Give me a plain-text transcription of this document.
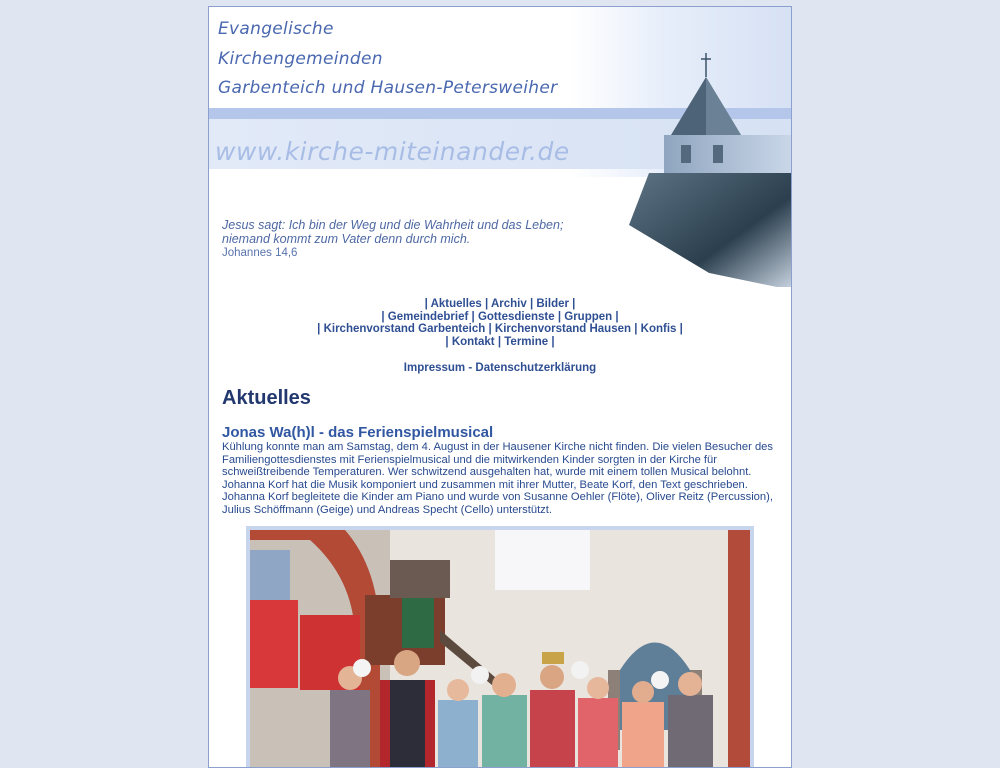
Evangelische

Kirchengemeinden

Garbenteich und Hausen-Petersweiher

www.kirche-miteinander.de

Jesus sagt: Ich bin der Weg und die Wahrheit und das Leben;
niemand kommt zum Vater denn durch mich.
Johannes 14,6
| Aktuelles | Archiv | Bilder |
| Gemeindebrief | Gottesdienste | Gruppen |
| Kirchenvorstand Garbenteich | Kirchenvorstand Hausen | Konfis |
| Kontakt | Termine |
Impressum - Datenschutzerklärung
Aktuelles
Jonas Wa(h)l - das Ferienspielmusical

Kühlung konnte man am Samstag, dem 4. August in der Hausener Kirche nicht finden. Die vielen Besucher des Familiengottesdienstes mit Ferienspielmusical und die mitwirkenden Kinder sorgten in der Kirche für schweißtreibende Temperaturen. Wer schwitzend ausgehalten hat, wurde mit einem tollen Musical belohnt. Johanna Korf hat die Musik komponiert und zusammen mit ihrer Mutter, Beate Korf, den Text geschrieben. Johanna Korf begleitete die Kinder am Piano und wurde von Susanne Oehler (Flöte), Oliver Reitz (Percussion), Julius Schöffmann (Geige) und Andreas Specht (Cello) unterstützt.
